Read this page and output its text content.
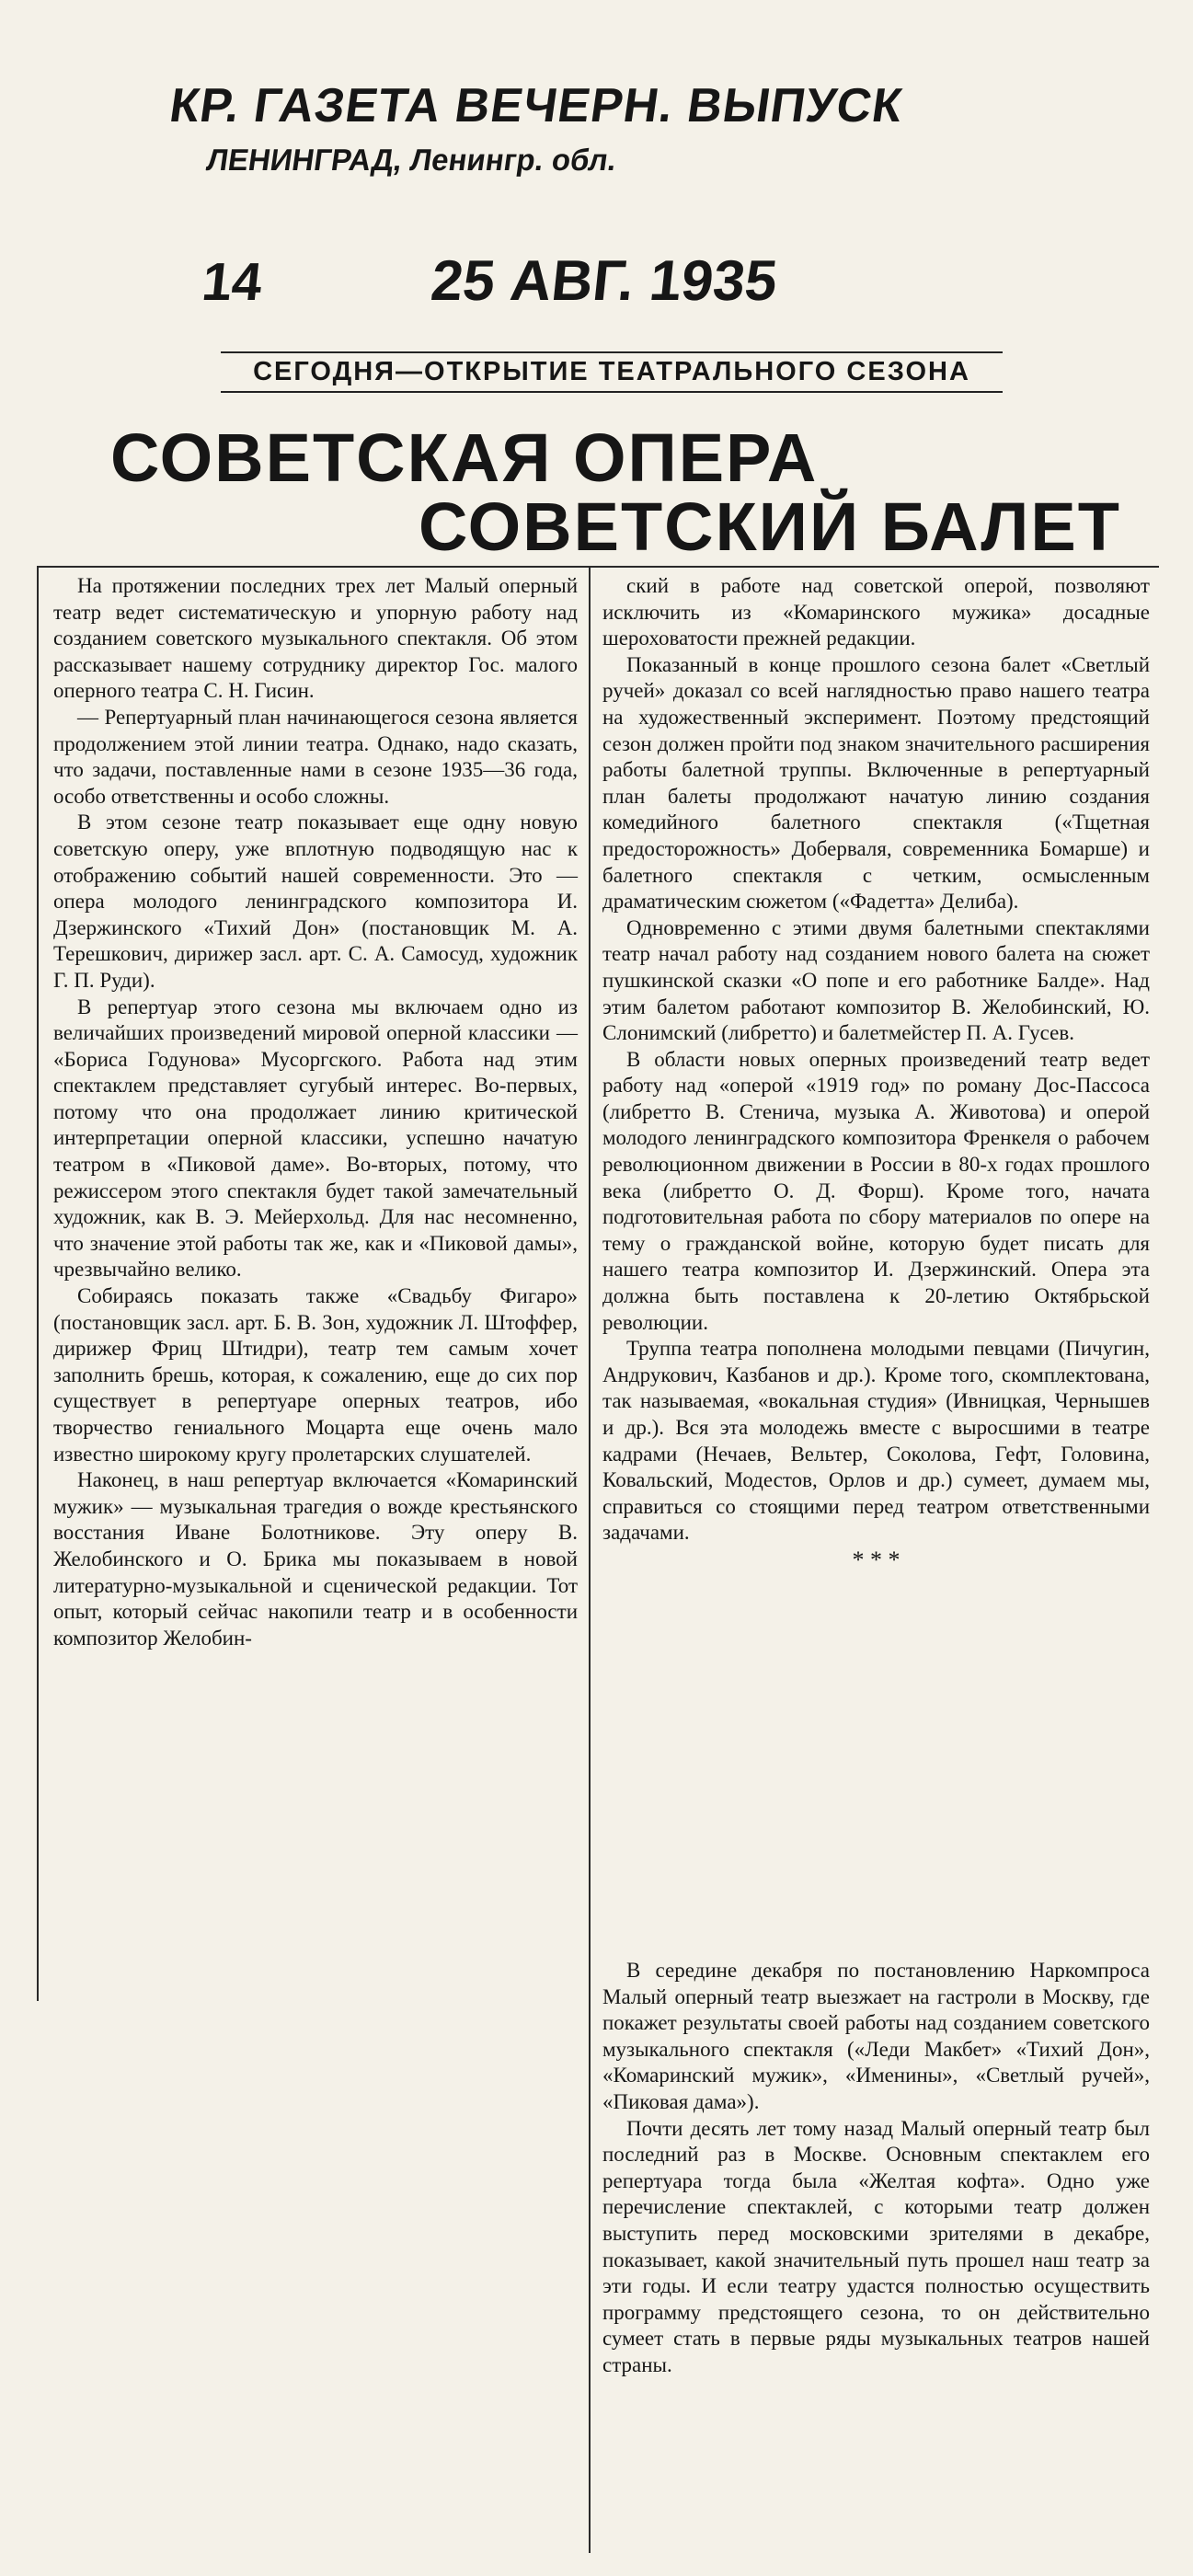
КР. ГАЗЕТА ВЕЧЕРН. ВЫПУСК
ЛЕНИНГРАД, Ленингр. обл.
14	25 АВГ. 1935
СЕГОДНЯ—ОТКРЫТИЕ ТЕАТРАЛЬНОГО СЕЗОНА
СОВЕТСКАЯ ОПЕРА
СОВЕТСКИЙ БАЛЕТ

На протяжении последних трех лет Малый оперный театр ведет систематическую и упорную работу над созданием советского музыкального спектакля. Об этом рассказывает нашему сотруднику директор Гос. малого оперного театра С. Н. Гисин.

— Репертуарный план начинающегося сезона является продолжением этой линии театра. Однако, надо сказать, что задачи, поставленные нами в сезоне 1935—36 года, особо ответственны и особо сложны.

В этом сезоне театр показывает еще одну новую советскую оперу, уже вплотную подводящую нас к отображению событий нашей современности. Это — опера молодого ленинградского композитора И. Дзержинского «Тихий Дон» (постановщик М. А. Терешкович, дирижер засл. арт. С. А. Самосуд, художник Г. П. Руди).

В репертуар этого сезона мы включаем одно из величайших произведений мировой оперной классики — «Бориса Годунова» Мусоргского. Работа над этим спектаклем представляет сугубый интерес. Во-первых, потому что она продолжает линию критической интерпретации оперной классики, успешно начатую театром в «Пиковой даме». Во-вторых, потому, что режиссером этого спектакля будет такой замечательный художник, как В. Э. Мейерхольд. Для нас несомненно, что значение этой работы так же, как и «Пиковой дамы», чрезвычайно велико.

Собираясь показать также «Свадьбу Фигаро» (постановщик засл. арт. Б. В. Зон, художник Л. Штоффер, дирижер Фриц Штидри), театр тем самым хочет заполнить брешь, которая, к сожалению, еще до сих пор существует в репертуаре оперных театров, ибо творчество гениального Моцарта еще очень мало известно широкому кругу пролетарских слушателей.

Наконец, в наш репертуар включается «Комаринский мужик» — музыкальная трагедия о вожде крестьянского восстания Иване Болотникове. Эту оперу В. Желобинского и О. Брика мы показываем в новой литературно-музыкальной и сценической редакции. Тот опыт, который сейчас накопили театр и в особенности композитор Желобин-

ский в работе над советской оперой, позволяют исключить из «Комаринского мужика» досадные шероховатости прежней редакции.

Показанный в конце прошлого сезона балет «Светлый ручей» доказал со всей наглядностью право нашего театра на художественный эксперимент. Поэтому предстоящий сезон должен пройти под знаком значительного расширения работы балетной труппы. Включенные в репертуарный план балеты продолжают начатую линию создания комедийного балетного спектакля («Тщетная предосторожность» Доберваля, современника Бомарше) и балетного спектакля с четким, осмысленным драматическим сюжетом («Фадетта» Делиба).

Одновременно с этими двумя балетными спектаклями театр начал работу над созданием нового балета на сюжет пушкинской сказки «О попе и его работнике Балде». Над этим балетом работают композитор В. Желобинский, Ю. Слонимский (либретто) и балетмейстер П. А. Гусев.

В области новых оперных произведений театр ведет работу над «оперой «1919 год» по роману Дос-Пассоса (либретто В. Стенича, музыка А. Животова) и оперой молодого ленинградского композитора Френкеля о рабочем революционном движении в России в 80-х годах прошлого века (либретто О. Д. Форш). Кроме того, начата подготовительная работа по сбору материалов по опере на тему о гражданской войне, которую будет писать для нашего театра композитор И. Дзержинский. Опера эта должна быть поставлена к 20-летию Октябрьской революции.

Труппа театра пополнена молодыми певцами (Пичугин, Андрукович, Казбанов и др.). Кроме того, скомплектована, так называемая, «вокальная студия» (Ивницкая, Чернышев и др.). Вся эта молодежь вместе с выросшими в театре кадрами (Нечаев, Вельтер, Соколова, Гефт, Головина, Ковальский, Модестов, Орлов и др.) сумеет, думаем мы, справиться со стоящими перед театром ответственными задачами.

* * *

В середине декабря по постановлению Наркомпроса Малый оперный театр выезжает на гастроли в Москву, где покажет результаты своей работы над созданием советского музыкального спектакля («Леди Макбет» «Тихий Дон», «Комаринский мужик», «Именины», «Светлый ручей», «Пиковая дама»).

Почти десять лет тому назад Малый оперный театр был последний раз в Москве. Основным спектаклем его репертуара тогда была «Желтая кофта». Одно уже перечисление спектаклей, с которыми театр должен выступить перед московскими зрителями в декабре, показывает, какой значительный путь прошел наш театр за эти годы. И если театру удастся полностью осуществить программу предстоящего сезона, то он действительно сумеет стать в первые ряды музыкальных театров нашей страны.
